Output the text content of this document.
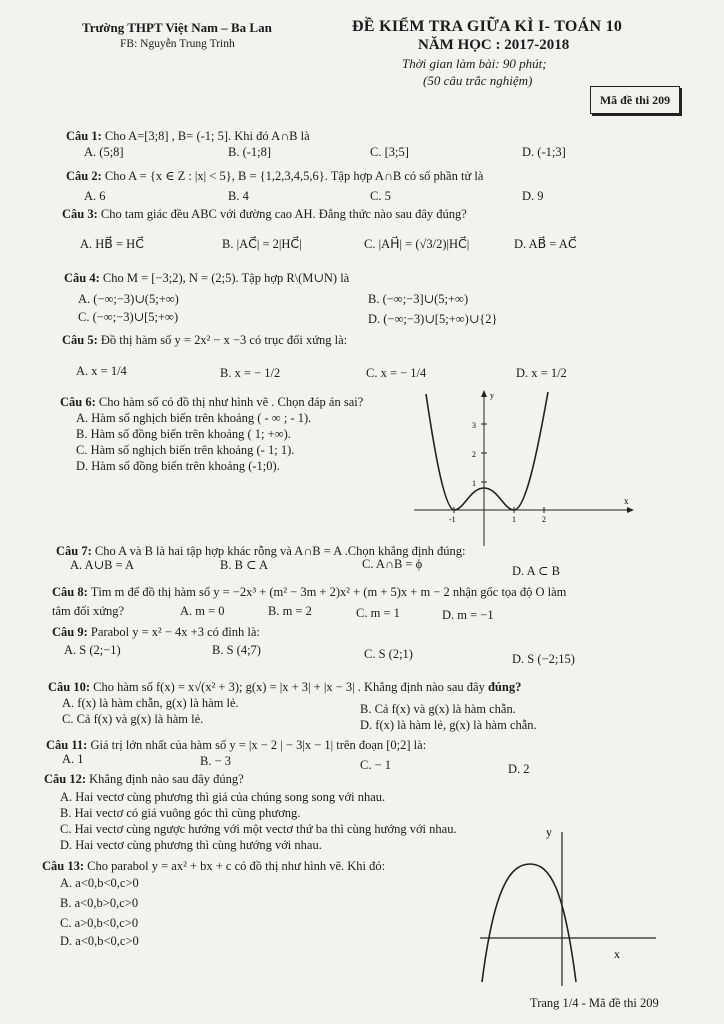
Trường THPT Việt Nam – Ba Lan
FB: Nguyễn Trung Trinh
ĐỀ KIỂM TRA GIỮA KÌ I- TOÁN 10
NĂM HỌC : 2017-2018
Thời gian làm bài: 90 phút;
(50 câu trắc nghiệm)
Mã đề thi 209
Câu 1: Cho A=[3;8] , B= (-1; 5]. Khi đó A∩B là
A. (5;8]	B. (-1;8]	C. [3;5]	D. (-1;3]
Câu 2: Cho A = {x ∈ Z : |x| < 5}, B = {1,2,3,4,5,6}. Tập hợp A∩B có số phần tử là
A. 6	B. 4	C. 5	D. 9
Câu 3: Cho tam giác đều ABC với đường cao AH. Đẳng thức nào sau đây đúng?
A. HB⃗ = HC⃗	B. |AC⃗| = 2|HC⃗|	C. |AH⃗| = (√3/2)|HC⃗|	D. AB⃗ = AC⃗
Câu 4: Cho M = [−3;2), N = (2;5). Tập hợp R\(M∪N) là
A. (−∞;−3)∪(5;+∞)	B. (−∞;−3]∪(5;+∞)
C. (−∞;−3)∪[5;+∞)	D. (−∞;−3)∪[5;+∞)∪{2}
Câu 5: Đồ thị hàm số y = 2x² − x −3 có trục đối xứng là:
A. x = 1/4	B. x = − 1/2	C. x = − 1/4	D. x = 1/2
Câu 6: Cho hàm số có đồ thị như hình vẽ . Chọn đáp án sai?
A. Hàm số nghịch biến trên khoảng ( - ∞ ; - 1).
B. Hàm số đồng biến trên khoảng ( 1; +∞).
C. Hàm số nghịch biến trên khoảng (- 1; 1).
D. Hàm số đồng biến trên khoảng (-1;0).
3
2
1
-1	1	2
y
x
Câu 7: Cho A và B là hai tập hợp khác rỗng và A∩B = A .Chọn khẳng định đúng:
A. A∪B = A	B. B ⊂ A	C. A∩B = ϕ	D. A ⊂ B
Câu 8: Tìm m để đồ thị hàm số y = −2x³ + (m² − 3m + 2)x² + (m + 5)x + m − 2 nhận gốc tọa độ O làm
tâm đối xứng?	A. m = 0	B. m = 2	C. m = 1	D. m = −1
Câu 9: Parabol y = x² − 4x +3 có đỉnh là:
A. S (2;−1)	B. S (4;7)	C. S (2;1)	D. S (−2;15)
Câu 10: Cho hàm số f(x) = x√(x² + 3); g(x) = |x + 3| + |x − 3| . Khẳng định nào sau đây đúng?
A. f(x) là hàm chẵn, g(x) là hàm lẻ.	B. Cả f(x) và g(x) là hàm chẵn.
C. Cả f(x) và g(x) là hàm lẻ.	D. f(x) là hàm lẻ, g(x) là hàm chẵn.
Câu 11: Giá trị lớn nhất của hàm số y = |x − 2 | − 3|x − 1| trên đoạn [0;2] là:
A. 1	B. − 3	C. − 1	D. 2
Câu 12: Khẳng định nào sau đây đúng?
A. Hai vectơ cùng phương thì giá của chúng song song với nhau.
B. Hai vectơ có giá vuông góc thì cùng phương.
C. Hai vectơ cùng ngược hướng với một vectơ thứ ba thì cùng hướng với nhau.
D. Hai vectơ cùng phương thì cùng hướng với nhau.
Câu 13: Cho parabol y = ax² + bx + c có đồ thị như hình vẽ. Khi đó:
A. a<0,b<0,c>0
B. a<0,b>0,c>0
C. a>0,b<0,c>0
D. a<0,b<0,c>0
y
x
Trang 1/4 - Mã đề thi 209
